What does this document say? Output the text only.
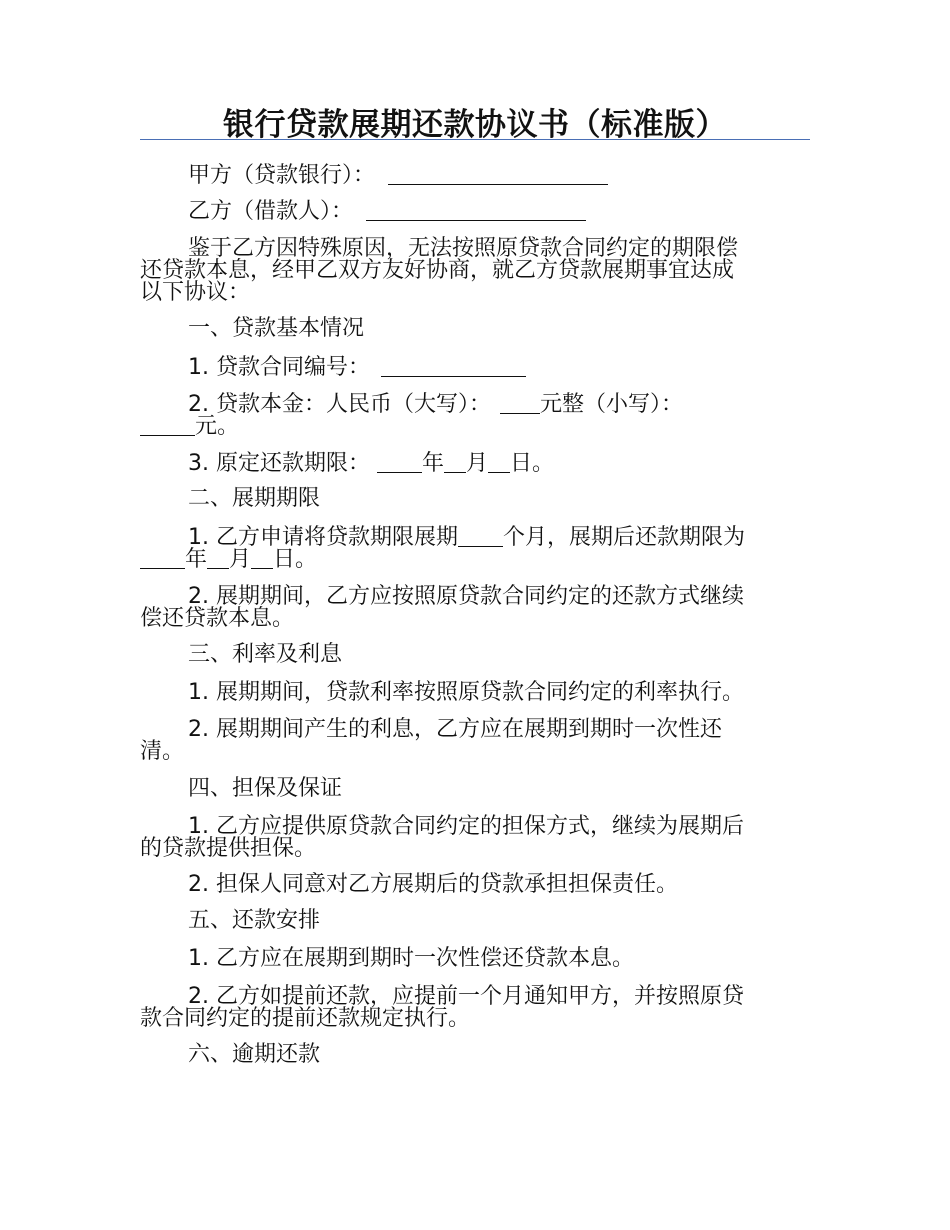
银行贷款展期还款协议书（标准版）
甲方（贷款银行）：
乙方（借款人）：
鉴于乙方因特殊原因，无法按照原贷款合同约定的期限偿
还贷款本息，经甲乙双方友好协商，就乙方贷款展期事宜达成
以下协议：
一、贷款基本情况
1. 贷款合同编号：
2. 贷款本金：人民币（大写）： 元整（小写）：
元。
3. 原定还款期限： 年 月 日。
二、展期期限
1. 乙方申请将贷款期限展期 个月，展期后还款期限为
年 月 日。
2. 展期期间，乙方应按照原贷款合同约定的还款方式继续
偿还贷款本息。
三、利率及利息
1. 展期期间，贷款利率按照原贷款合同约定的利率执行。
2. 展期期间产生的利息，乙方应在展期到期时一次性还
清。
四、担保及保证
1. 乙方应提供原贷款合同约定的担保方式，继续为展期后
的贷款提供担保。
2. 担保人同意对乙方展期后的贷款承担担保责任。
五、还款安排
1. 乙方应在展期到期时一次性偿还贷款本息。
2. 乙方如提前还款，应提前一个月通知甲方，并按照原贷
款合同约定的提前还款规定执行。
六、逾期还款
